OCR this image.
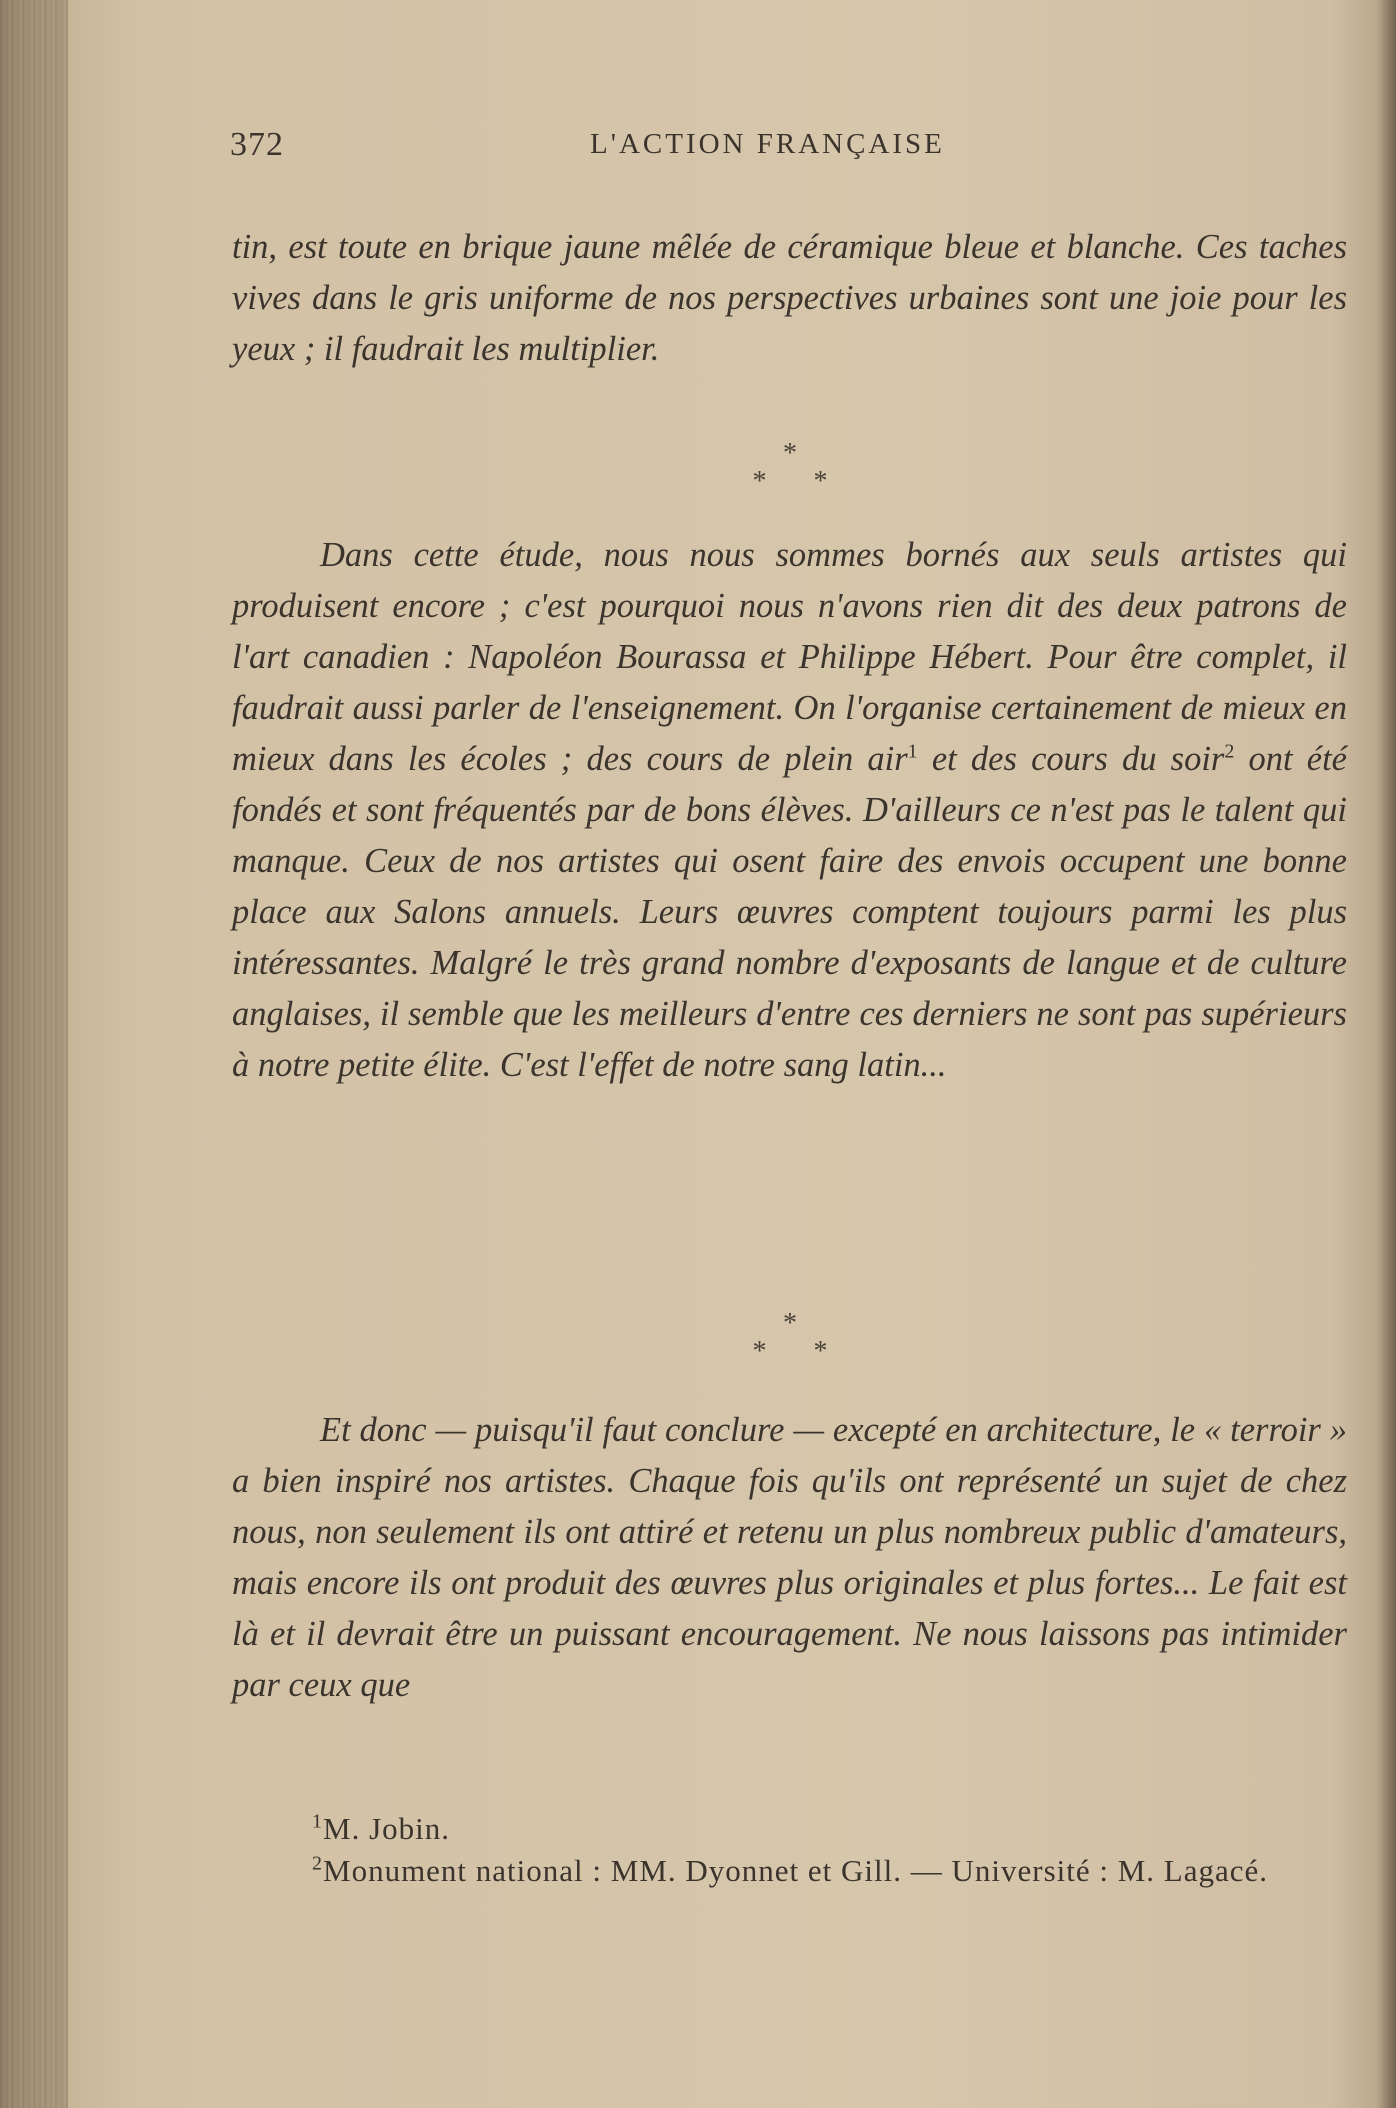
372	L'ACTION FRANÇAISE

tin, est toute en brique jaune mêlée de céramique bleue et blanche. Ces taches vives dans le gris uniforme de nos perspectives urbaines sont une joie pour les yeux ; il faudrait les multiplier.

*
* *

Dans cette étude, nous nous sommes bornés aux seuls artistes qui produisent encore ; c'est pourquoi nous n'avons rien dit des deux patrons de l'art canadien : Napoléon Bourassa et Philippe Hébert. Pour être complet, il faudrait aussi parler de l'enseignement. On l'organise certainement de mieux en mieux dans les écoles ; des cours de plein air$^1$ et des cours du soir$^2$ ont été fondés et sont fréquentés par de bons élèves. D'ailleurs ce n'est pas le talent qui manque. Ceux de nos artistes qui osent faire des envois occupent une bonne place aux Salons annuels. Leurs œuvres comptent toujours parmi les plus intéressantes. Malgré le très grand nombre d'exposants de langue et de culture anglaises, il semble que les meilleurs d'entre ces derniers ne sont pas supérieurs à notre petite élite. C'est l'effet de notre sang latin...

*
* *

Et donc — puisqu'il faut conclure — excepté en architecture, le « terroir » a bien inspiré nos artistes. Chaque fois qu'ils ont représenté un sujet de chez nous, non seulement ils ont attiré et retenu un plus nombreux public d'amateurs, mais encore ils ont produit des œuvres plus originales et plus fortes... Le fait est là et il devrait être un puissant encouragement. Ne nous laissons pas intimider par ceux que

$^1$M. Jobin.

$^2$Monument national : MM. Dyonnet et Gill. — Université : M. Lagacé.
